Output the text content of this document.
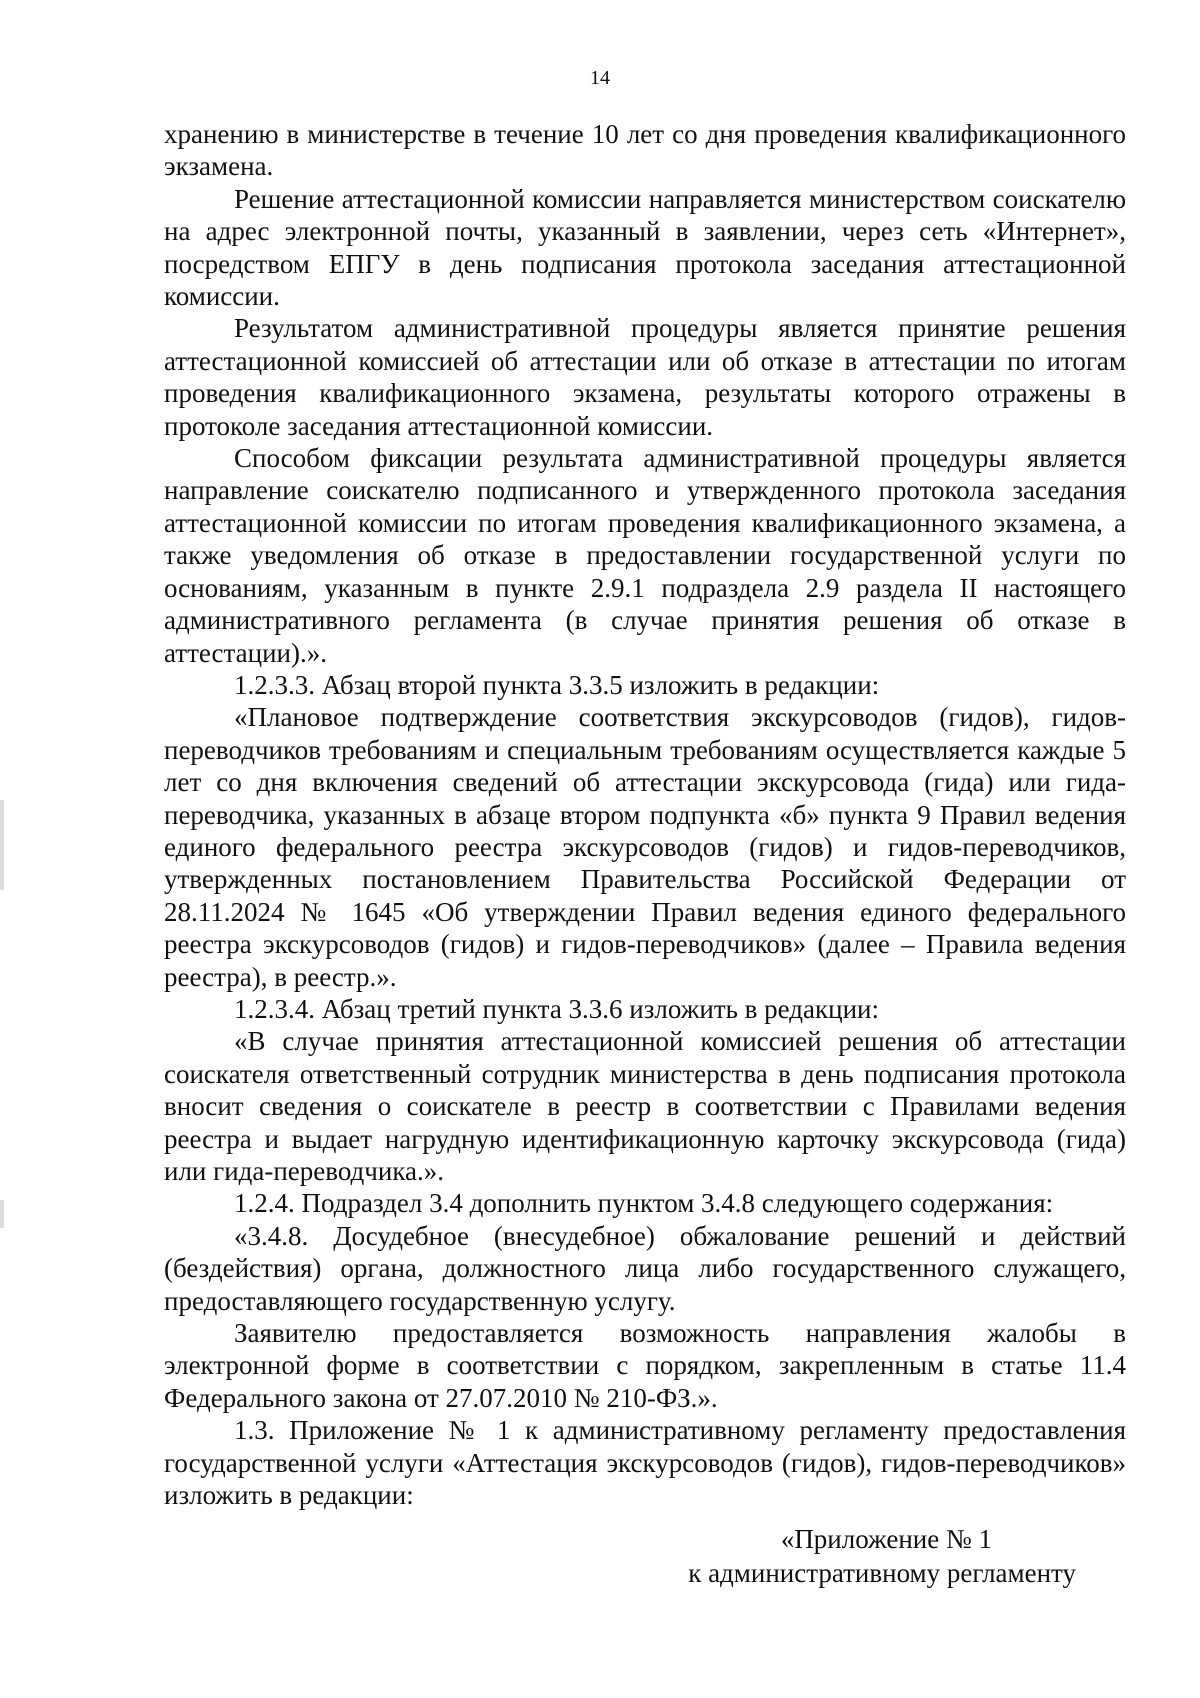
14

хранению в министерстве в течение 10 лет со дня проведения квалификационного экзамена.

Решение аттестационной комиссии направляется министерством соискателю на адрес электронной почты, указанный в заявлении, через сеть «Интернет», посредством ЕПГУ в день подписания протокола заседания аттестационной комиссии.

Результатом административной процедуры является принятие решения аттестационной комиссией об аттестации или об отказе в аттестации по итогам проведения квалификационного экзамена, результаты которого отражены в протоколе заседания аттестационной комиссии.

Способом фиксации результата административной процедуры является направление соискателю подписанного и утвержденного протокола заседания аттестационной комиссии по итогам проведения квалификационного экзамена, а также уведомления об отказе в предоставлении государственной услуги по основаниям, указанным в пункте 2.9.1 подраздела 2.9 раздела II настоящего административного регламента (в случае принятия решения об отказе в аттестации).».

1.2.3.3. Абзац второй пункта 3.3.5 изложить в редакции:

«Плановое подтверждение соответствия экскурсоводов (гидов), гидов-переводчиков требованиям и специальным требованиям осуществляется каждые 5 лет со дня включения сведений об аттестации экскурсовода (гида) или гида-переводчика, указанных в абзаце втором подпункта «б» пункта 9 Правил ведения единого федерального реестра экскурсоводов (гидов) и гидов-переводчиков, утвержденных постановлением Правительства Российской Федерации от 28.11.2024 № 1645 «Об утверждении Правил ведения единого федерального реестра экскурсоводов (гидов) и гидов-переводчиков» (далее – Правила ведения реестра), в реестр.».

1.2.3.4. Абзац третий пункта 3.3.6 изложить в редакции:

«В случае принятия аттестационной комиссией решения об аттестации соискателя ответственный сотрудник министерства в день подписания протокола вносит сведения о соискателе в реестр в соответствии с Правилами ведения реестра и выдает нагрудную идентификационную карточку экскурсовода (гида) или гида-переводчика.».

1.2.4. Подраздел 3.4 дополнить пунктом 3.4.8 следующего содержания:

«3.4.8. Досудебное (внесудебное) обжалование решений и действий (бездействия) органа, должностного лица либо государственного служащего, предоставляющего государственную услугу.

Заявителю предоставляется возможность направления жалобы в электронной форме в соответствии с порядком, закрепленным в статье 11.4 Федерального закона от 27.07.2010 № 210-ФЗ.».

1.3. Приложение № 1 к административному регламенту предоставления государственной услуги «Аттестация экскурсоводов (гидов), гидов-переводчиков» изложить в редакции:

«Приложение № 1
к административному регламенту
